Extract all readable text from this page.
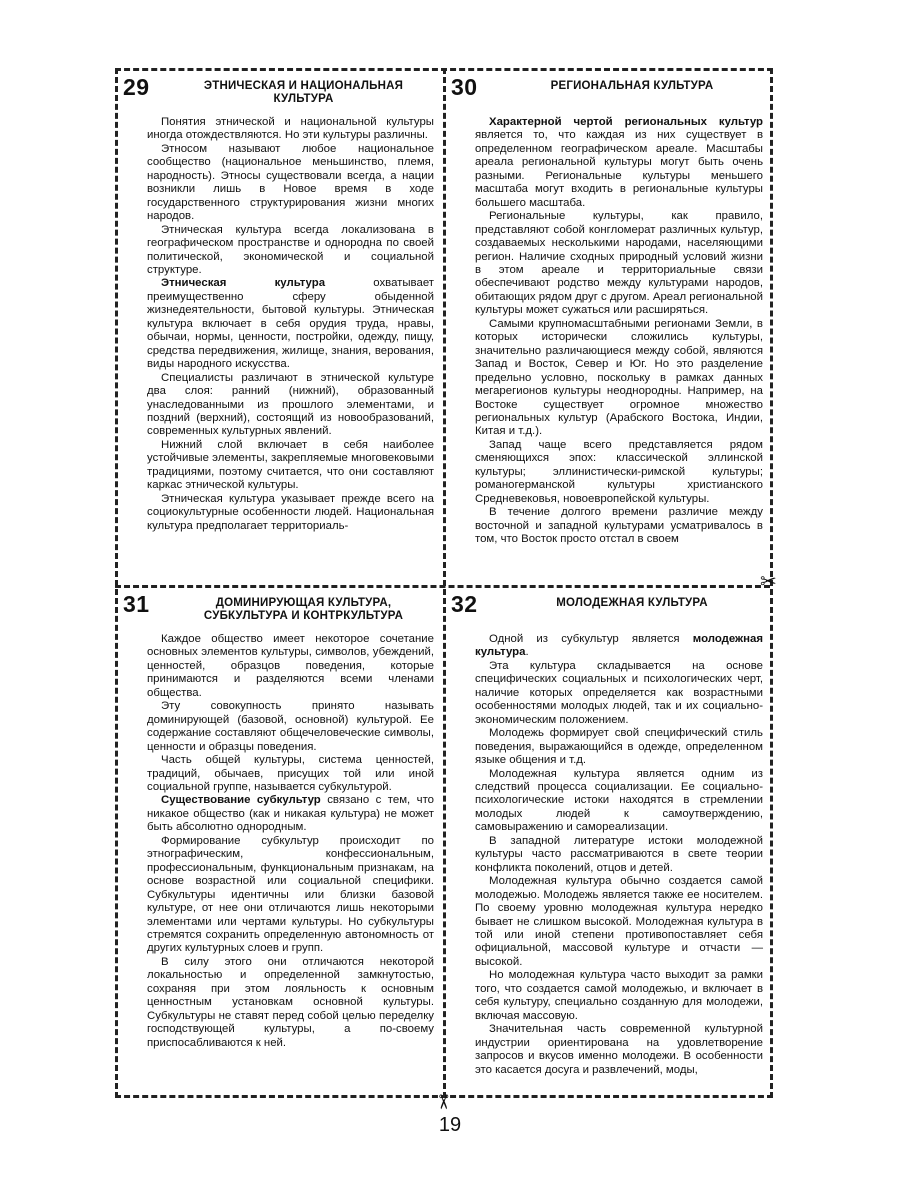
29	ЭТНИЧЕСКАЯ И НАЦИОНАЛЬНАЯ
КУЛЬТУРА

Понятия этнической и национальной культуры иногда отождествляются. Но эти культуры различны.

Этносом называют любое национальное сообщество (национальное меньшинство, племя, народность). Этносы существовали всегда, а нации возникли лишь в Новое время в ходе государственного структурирования жизни многих народов.

Этническая культура всегда локализована в географическом пространстве и однородна по своей политической, экономической и социальной структуре.

Этническая культура охватывает преимущественно сферу обыденной жизнедеятельности, бытовой культуры. Этническая культура включает в себя орудия труда, нравы, обычаи, нормы, ценности, постройки, одежду, пищу, средства передвижения, жилище, знания, верования, виды народного искусства.

Специалисты различают в этнической культуре два слоя: ранний (нижний), образованный унаследованными из прошлого элементами, и поздний (верхний), состоящий из новообразований, современных культурных явлений.

Нижний слой включает в себя наиболее устойчивые элементы, закрепляемые многовековыми традициями, поэтому считается, что они составляют каркас этнической культуры.

Этническая культура указывает прежде всего на социокультурные особенности людей. Национальная культура предполагает территориаль-

30	РЕГИОНАЛЬНАЯ КУЛЬТУРА

Характерной чертой региональных культур является то, что каждая из них существует в определенном географическом ареале. Масштабы ареала региональной культуры могут быть очень разными. Региональные культуры меньшего масштаба могут входить в региональные культуры большего масштаба.

Региональные культуры, как правило, представляют собой конгломерат различных культур, создаваемых несколькими народами, населяющими регион. Наличие сходных природный условий жизни в этом ареале и территориальные связи обеспечивают родство между культурами народов, обитающих рядом друг с другом. Ареал региональной культуры может сужаться или расширяться.

Самыми крупномасштабными регионами Земли, в которых исторически сложились культуры, значительно различающиеся между собой, являются Запад и Восток, Север и Юг. Но это разделение предельно условно, поскольку в рамках данных мегарегионов культуры неоднородны. Например, на Востоке существует огромное множество региональных культур (Арабского Востока, Индии, Китая и т.д.).

Запад чаще всего представляется рядом сменяющихся эпох: классической эллинской культуры; эллинистически-римской культуры; романогерманской культуры христианского Средневековья, новоевропейской культуры.

В течение долгого времени различие между восточной и западной культурами усматривалось в том, что Восток просто отстал в своем

31	ДОМИНИРУЮЩАЯ КУЛЬТУРА,
СУБКУЛЬТУРА И КОНТРКУЛЬТУРА

Каждое общество имеет некоторое сочетание основных элементов культуры, символов, убеждений, ценностей, образцов поведения, которые принимаются и разделяются всеми членами общества.

Эту совокупность принято называть доминирующей (базовой, основной) культурой. Ее содержание составляют общечеловеческие символы, ценности и образцы поведения.

Часть общей культуры, система ценностей, традиций, обычаев, присущих той или иной социальной группе, называется субкультурой.

Существование субкультур связано с тем, что никакое общество (как и никакая культура) не может быть абсолютно однородным.

Формирование субкультур происходит по этнографическим, конфессиональным, профессиональным, функциональным признакам, на основе возрастной или социальной специфики. Субкультуры идентичны или близки базовой культуре, от нее они отличаются лишь некоторыми элементами или чертами культуры. Но субкультуры стремятся сохранить определенную автономность от других культурных слоев и групп.

В силу этого они отличаются некоторой локальностью и определенной замкнутостью, сохраняя при этом лояльность к основным ценностным установкам основной культуры. Субкультуры не ставят перед собой целью переделку господствующей культуры, а по-своему приспосабливаются к ней.

32	МОЛОДЕЖНАЯ КУЛЬТУРА

Одной из субкультур является молодежная культура.

Эта культура складывается на основе специфических социальных и психологических черт, наличие которых определяется как возрастными особенностями молодых людей, так и их социально-экономическим положением.

Молодежь формирует свой специфический стиль поведения, выражающийся в одежде, определенном языке общения и т.д.

Молодежная культура является одним из следствий процесса социализации. Ее социально-психологические истоки находятся в стремлении молодых людей к самоутверждению, самовыражению и самореализации.

В западной литературе истоки молодежной культуры часто рассматриваются в свете теории конфликта поколений, отцов и детей.

Молодежная культура обычно создается самой молодежью. Молодежь является также ее носителем. По своему уровню молодежная культура нередко бывает не слишком высокой. Молодежная культура в той или иной степени противопоставляет себя официальной, массовой культуре и отчасти — высокой.

Но молодежная культура часто выходит за рамки того, что создается самой молодежью, и включает в себя культуру, специально созданную для молодежи, включая массовую.

Значительная часть современной культурной индустрии ориентирована на удовлетворение запросов и вкусов именно молодежи. В особенности это касается досуга и развлечений, моды,

✂
✂
19
